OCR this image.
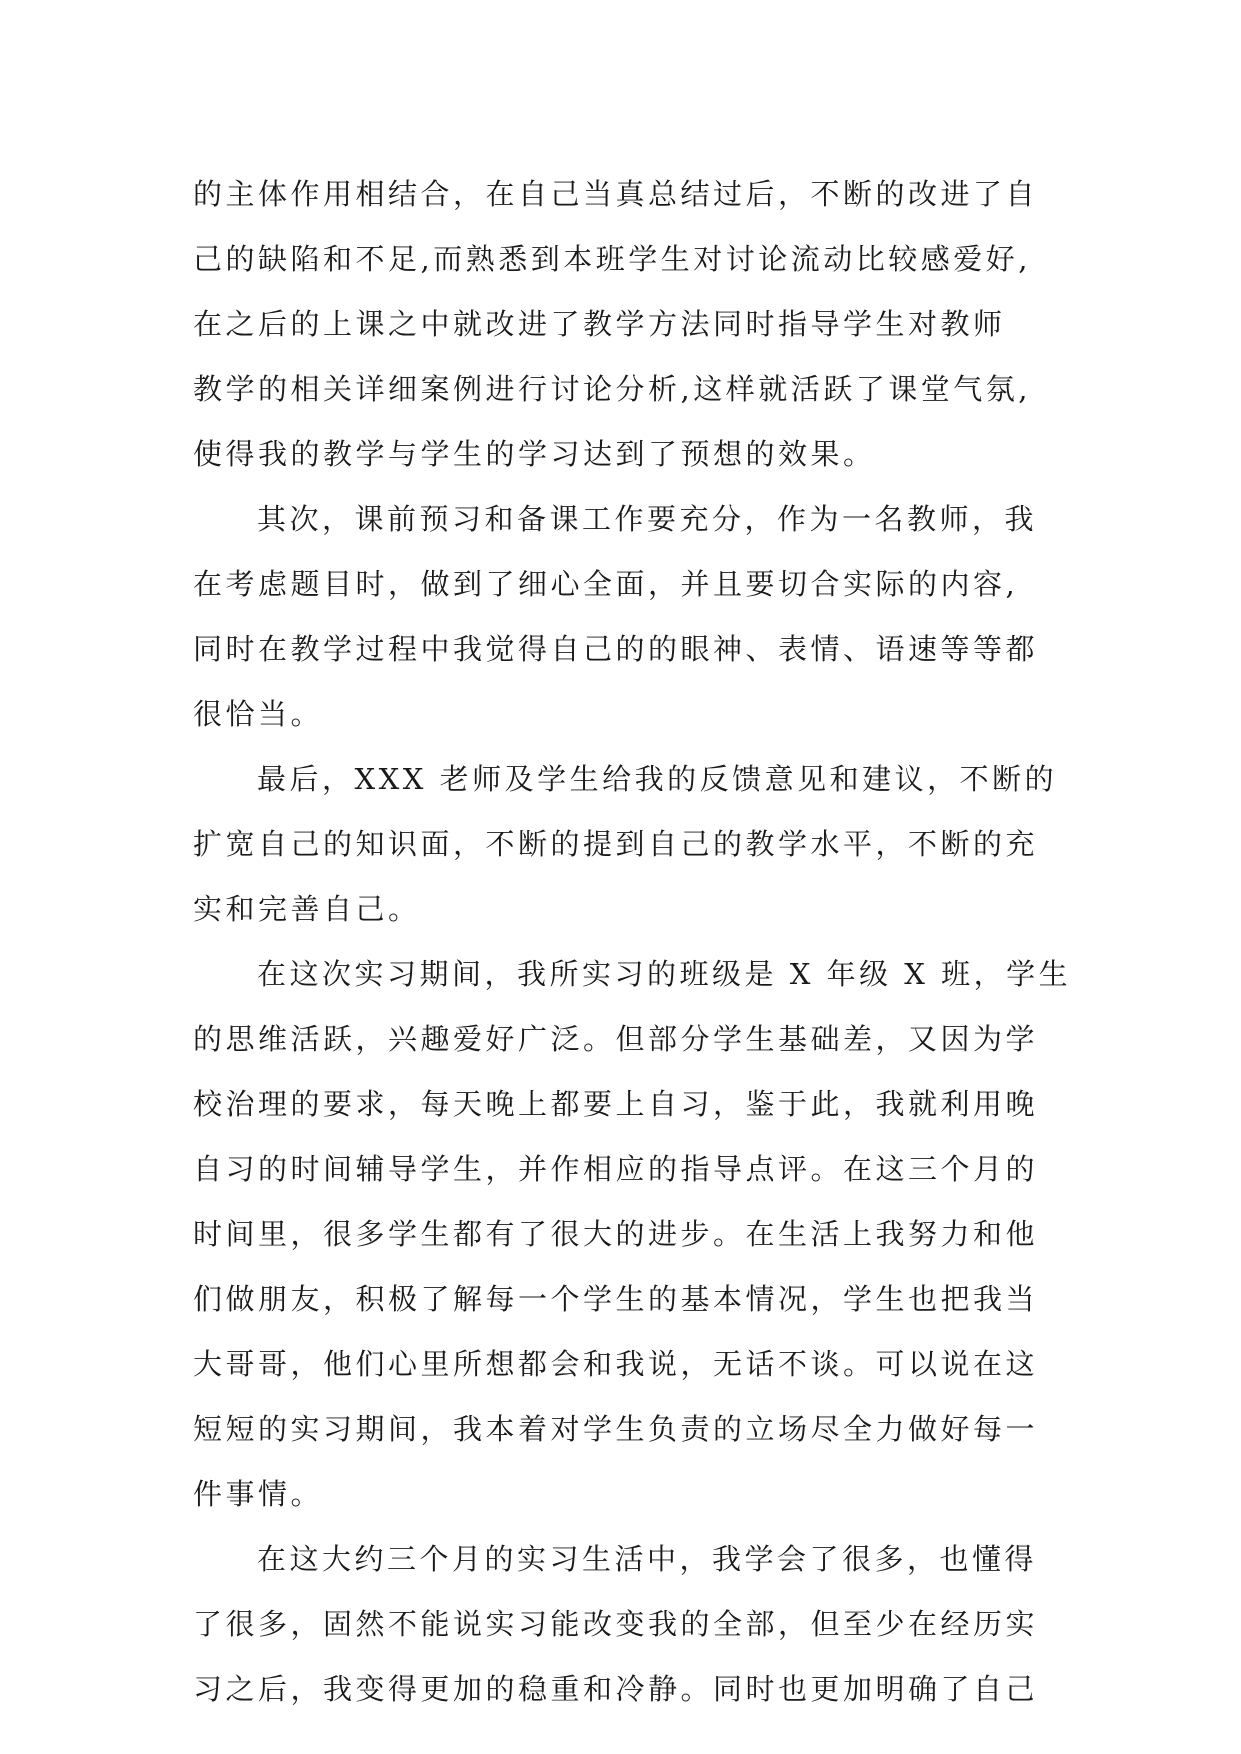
的主体作用相结合，在自己当真总结过后，不断的改进了自
己的缺陷和不足,而熟悉到本班学生对讨论流动比较感爱好,
在之后的上课之中就改进了教学方法同时指导学生对教师
教学的相关详细案例进行讨论分析,这样就活跃了课堂气氛,
使得我的教学与学生的学习达到了预想的效果。
其次，课前预习和备课工作要充分，作为一名教师，我
在考虑题目时，做到了细心全面，并且要切合实际的内容,
同时在教学过程中我觉得自己的的眼神、表情、语速等等都
很恰当。
最后，XXX 老师及学生给我的反馈意见和建议，不断的
扩宽自己的知识面，不断的提到自己的教学水平，不断的充
实和完善自己。
在这次实习期间，我所实习的班级是 X 年级 X 班，学生
的思维活跃，兴趣爱好广泛。但部分学生基础差，又因为学
校治理的要求，每天晚上都要上自习，鉴于此，我就利用晚
自习的时间辅导学生，并作相应的指导点评。在这三个月的
时间里，很多学生都有了很大的进步。在生活上我努力和他
们做朋友，积极了解每一个学生的基本情况，学生也把我当
大哥哥，他们心里所想都会和我说，无话不谈。可以说在这
短短的实习期间，我本着对学生负责的立场尽全力做好每一
件事情。
在这大约三个月的实习生活中，我学会了很多，也懂得
了很多，固然不能说实习能改变我的全部，但至少在经历实
习之后，我变得更加的稳重和冷静。同时也更加明确了自己
